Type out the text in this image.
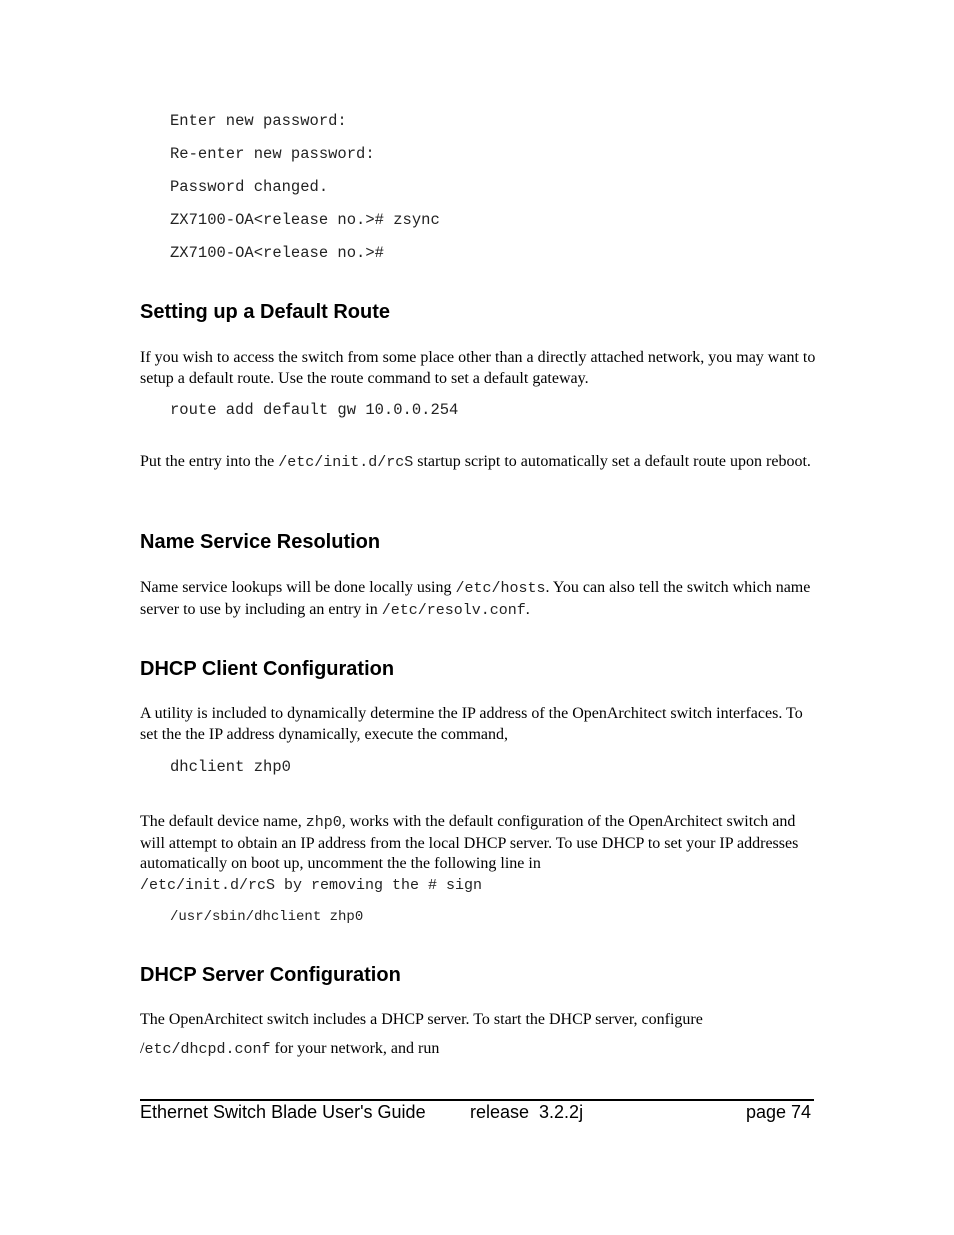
Enter new password:
Re-enter new password:
Password changed.
ZX7100-OA<release no.># zsync
ZX7100-OA<release no.>#
Setting up a Default Route
If you wish to access the switch from some place other than a directly attached network, you may want to setup a default route. Use the route command to set a default gateway.
route add default gw 10.0.0.254
Put the entry into the /etc/init.d/rcS startup script to automatically set a default route upon reboot.
Name Service Resolution
Name service lookups will be done locally using /etc/hosts. You can also tell the switch which name server to use by including an entry in /etc/resolv.conf.
DHCP Client Configuration
A utility is included to dynamically determine the IP address of the OpenArchitect switch interfaces. To set the the IP address dynamically, execute the command,
dhclient zhp0
The default device name, zhp0, works with the default configuration of the OpenArchitect switch and will attempt to obtain an IP address from the local DHCP server. To use DHCP to set your IP addresses automatically on boot up, uncomment the the following line in
/etc/init.d/rcS by removing the # sign
/usr/sbin/dhclient zhp0
DHCP Server Configuration
The OpenArchitect switch includes a DHCP server. To start the DHCP server, configure
/etc/dhcpd.conf for your network, and run
Ethernet Switch Blade User's Guide release  3.2.2j	page 74
